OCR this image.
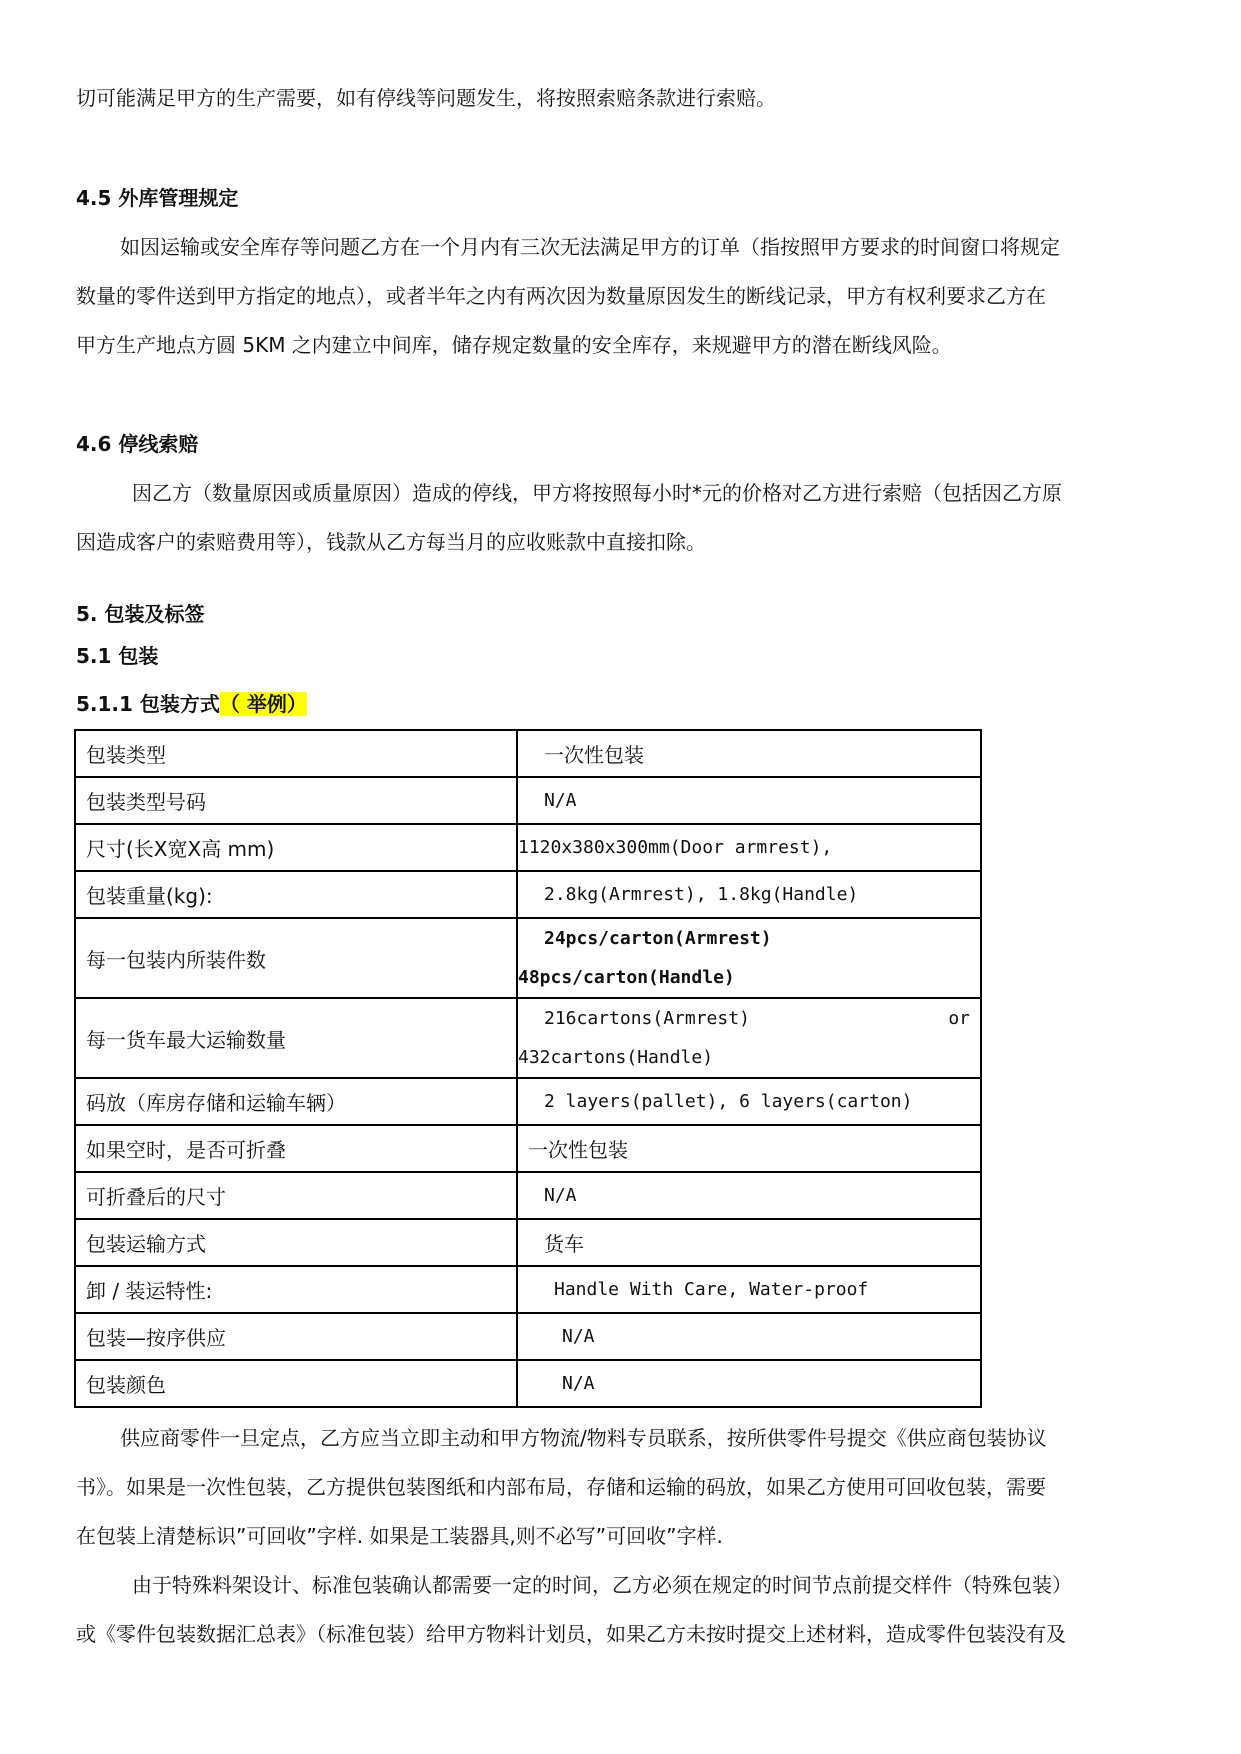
切可能满足甲方的生产需要，如有停线等问题发生，将按照索赔条款进行索赔。
4.5 外库管理规定
如因运输或安全库存等问题乙方在一个月内有三次无法满足甲方的订单（指按照甲方要求的时间窗口将规定
数量的零件送到甲方指定的地点），或者半年之内有两次因为数量原因发生的断线记录，甲方有权利要求乙方在
甲方生产地点方圆 5KM 之内建立中间库，储存规定数量的安全库存，来规避甲方的潜在断线风险。
4.6 停线索赔
因乙方（数量原因或质量原因）造成的停线，甲方将按照每小时*元的价格对乙方进行索赔（包括因乙方原
因造成客户的索赔费用等），钱款从乙方每当月的应收账款中直接扣除。
5. 包装及标签
5.1 包装
5.1.1 包装方式（ 举例）
包装类型	一次性包装
包装类型号码	N/A
尺寸(长X宽X高 mm)	1120x380x300mm(Door armrest),
包装重量(kg):	2.8kg(Armrest), 1.8kg(Handle)
每一包装内所装件数	24pcs/carton(Armrest)
48pcs/carton(Handle)

每一货车最大运输数量	216cartons(Armrest) or
432cartons(Handle)

码放（库房存储和运输车辆）	2 layers(pallet), 6 layers(carton)
如果空时，是否可折叠	一次性包装
可折叠后的尺寸	N/A
包装运输方式	货车
卸 / 装运特性:	Handle With Care, Water-proof
包装—按序供应	N/A
包装颜色	N/A
供应商零件一旦定点，乙方应当立即主动和甲方物流/物料专员联系，按所供零件号提交《供应商包装协议
书》。如果是一次性包装，乙方提供包装图纸和内部布局，存储和运输的码放，如果乙方使用可回收包装，需要
在包装上清楚标识”可回收”字样. 如果是工装器具,则不必写”可回收”字样.
由于特殊料架设计、标准包装确认都需要一定的时间，乙方必须在规定的时间节点前提交样件（特殊包装）
或《零件包装数据汇总表》（标准包装）给甲方物料计划员，如果乙方未按时提交上述材料，造成零件包装没有及
